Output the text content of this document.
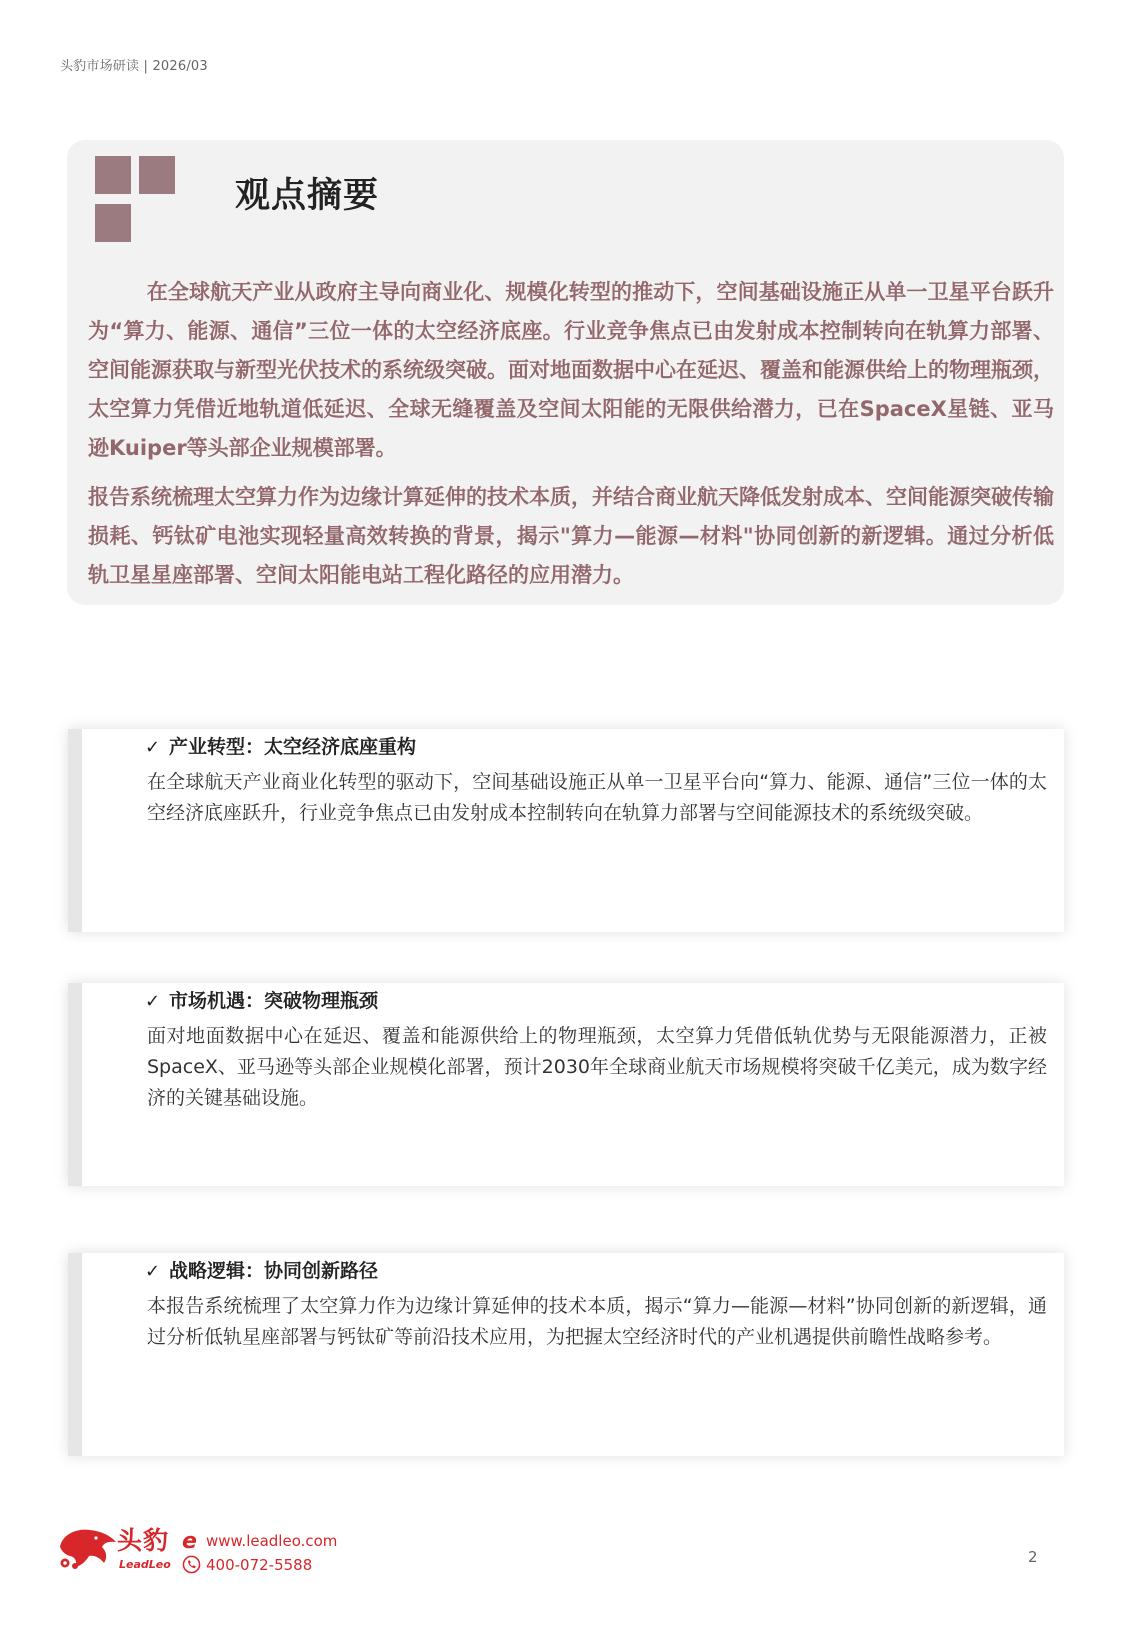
头豹市场研读 | 2026/03
观点摘要

在全球航天产业从政府主导向商业化、规模化转型的推动下，空间基础设施正从单一卫星平台跃升为“算力、能源、通信”三位一体的太空经济底座。行业竞争焦点已由发射成本控制转向在轨算力部署、空间能源获取与新型光伏技术的系统级突破。面对地面数据中心在延迟、覆盖和能源供给上的物理瓶颈，太空算力凭借近地轨道低延迟、全球无缝覆盖及空间太阳能的无限供给潜力，已在SpaceX星链、亚马逊Kuiper等头部企业规模部署。

报告系统梳理太空算力作为边缘计算延伸的技术本质，并结合商业航天降低发射成本、空间能源突破传输损耗、钙钛矿电池实现轻量高效转换的背景，揭示"算力—能源—材料"协同创新的新逻辑。通过分析低轨卫星星座部署、空间太阳能电站工程化路径的应用潜力。

✓ 产业转型：太空经济底座重构
在全球航天产业商业化转型的驱动下，空间基础设施正从单一卫星平台向“算力、能源、通信”三位一体的太空经济底座跃升，行业竞争焦点已由发射成本控制转向在轨算力部署与空间能源技术的系统级突破。
✓ 市场机遇：突破物理瓶颈
面对地面数据中心在延迟、覆盖和能源供给上的物理瓶颈，太空算力凭借低轨优势与无限能源潜力，正被SpaceX、亚马逊等头部企业规模化部署，预计2030年全球商业航天市场规模将突破千亿美元，成为数字经济的关键基础设施。
✓ 战略逻辑：协同创新路径
本报告系统梳理了太空算力作为边缘计算延伸的技术本质，揭示“算力—能源—材料”协同创新的新逻辑，通过分析低轨星座部署与钙钛矿等前沿技术应用，为把握太空经济时代的产业机遇提供前瞻性战略参考。
头豹
LeadLeo
e www.leadleo.com
400-072-5588	2
